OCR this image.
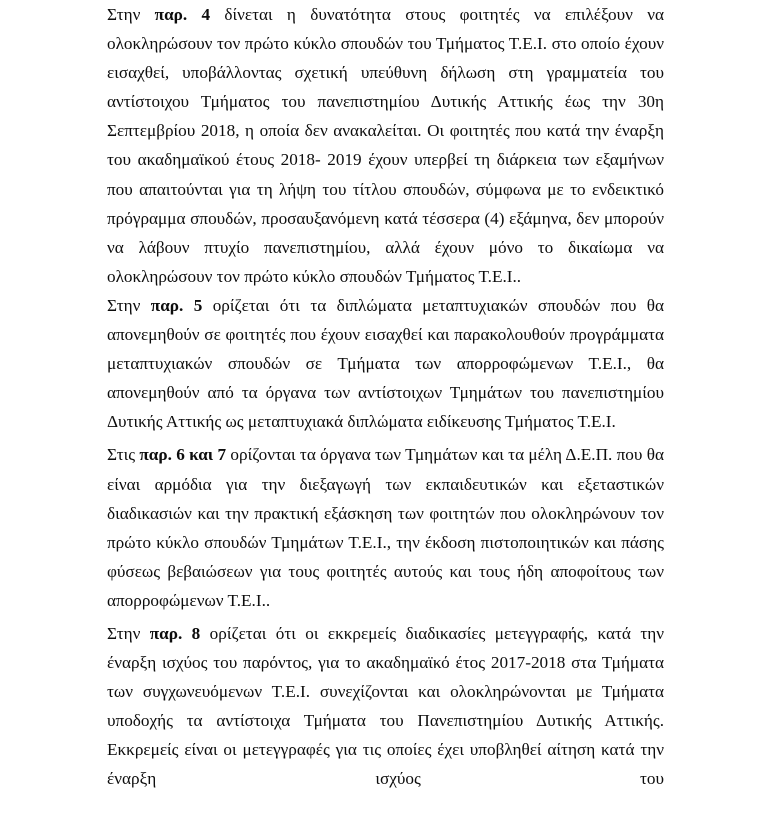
Στην παρ. 4 δίνεται η δυνατότητα στους φοιτητές να επιλέξουν να ολοκληρώσουν τον πρώτο κύκλο σπουδών του Τμήματος Τ.Ε.Ι. στο οποίο έχουν εισαχθεί, υποβάλλοντας σχετική υπεύθυνη δήλωση στη γραμματεία του αντίστοιχου Τμήματος του πανεπιστημίου Δυτικής Αττικής έως την 30η Σεπτεμβρίου 2018, η οποία δεν ανακαλείται. Οι φοιτητές που κατά την έναρξη του ακαδημαϊκού έτους 2018- 2019 έχουν υπερβεί τη διάρκεια των εξαμήνων που απαιτούνται για τη λήψη του τίτλου σπουδών, σύμφωνα με το ενδεικτικό πρόγραμμα σπουδών, προσαυξανόμενη κατά τέσσερα (4) εξάμηνα, δεν μπορούν να λάβουν πτυχίο πανεπιστημίου, αλλά έχουν μόνο το δικαίωμα να ολοκληρώσουν τον πρώτο κύκλο σπουδών Τμήματος Τ.Ε.Ι..

Στην παρ. 5 ορίζεται ότι τα διπλώματα μεταπτυχιακών σπουδών που θα απονεμηθούν σε φοιτητές που έχουν εισαχθεί και παρακολουθούν προγράμματα μεταπτυχιακών σπουδών σε Τμήματα των απορροφώμενων Τ.Ε.Ι., θα απονεμηθούν από τα όργανα των αντίστοιχων Τμημάτων του πανεπιστημίου Δυτικής Αττικής ως μεταπτυχιακά διπλώματα ειδίκευσης Τμήματος Τ.Ε.Ι.

Στις παρ. 6 και 7 ορίζονται τα όργανα των Τμημάτων και τα μέλη Δ.Ε.Π. που θα είναι αρμόδια για την διεξαγωγή των εκπαιδευτικών και εξεταστικών διαδικασιών και την πρακτική εξάσκηση των φοιτητών που ολοκληρώνουν τον πρώτο κύκλο σπουδών Τμημάτων Τ.Ε.Ι., την έκδοση πιστοποιητικών και πάσης φύσεως βεβαιώσεων για τους φοιτητές αυτούς και τους ήδη αποφοίτους των απορροφώμενων Τ.Ε.Ι..

Στην παρ. 8 ορίζεται ότι οι εκκρεμείς διαδικασίες μετεγγραφής, κατά την έναρξη ισχύος του παρόντος, για το ακαδημαϊκό έτος 2017-2018 στα Τμήματα των συγχωνευόμενων Τ.Ε.Ι. συνεχίζονται και ολοκληρώνονται με Τμήματα υποδοχής τα αντίστοιχα Τμήματα του Πανεπιστημίου Δυτικής Αττικής. Εκκρεμείς είναι οι μετεγγραφές για τις οποίες έχει υποβληθεί αίτηση κατά την έναρξη ισχύος του
